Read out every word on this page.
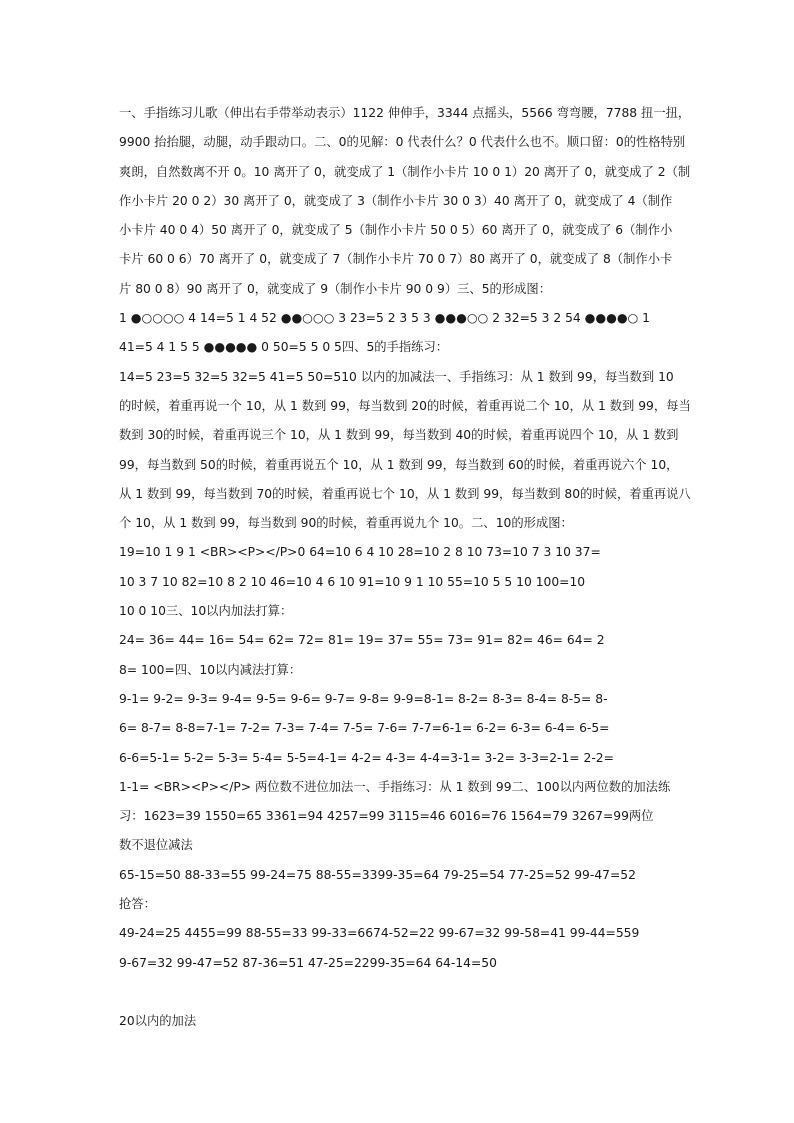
一、手指练习儿歌（伸出右手带举动表示）1122 伸伸手，3344 点摇头，5566 弯弯腰，7788 扭一扭，
9900 抬抬腿，动腿，动手跟动口。二、0的见解：0 代表什么？0 代表什么也不。顺口留：0的性格特别
爽朗，自然数离不开 0。10 离开了 0，就变成了 1（制作小卡片 10 0 1）20 离开了 0，就变成了 2（制
作小卡片 20 0 2）30 离开了 0，就变成了 3（制作小卡片 30 0 3）40 离开了 0，就变成了 4（制作
小卡片 40 0 4）50 离开了 0，就变成了 5（制作小卡片 50 0 5）60 离开了 0，就变成了 6（制作小
卡片 60 0 6）70 离开了 0，就变成了 7（制作小卡片 70 0 7）80 离开了 0，就变成了 8（制作小卡
片 80 0 8）90 离开了 0，就变成了 9（制作小卡片 90 0 9）三、5的形成图：
1 ●○○○○ 4 14=5 1 4 52 ●●○○○ 3 23=5 2 3 5 3 ●●●○○ 2 32=5 3 2 54 ●●●●○ 1
41=5 4 1 5 5 ●●●●● 0 50=5 5 0 5四、5的手指练习：
14=5 23=5 32=5 32=5 41=5 50=510 以内的加减法一、手指练习：从 1 数到 99，每当数到 10
的时候，着重再说一个 10，从 1 数到 99，每当数到 20的时候，着重再说二个 10，从 1 数到 99，每当
数到 30的时候，着重再说三个 10，从 1 数到 99，每当数到 40的时候，着重再说四个 10，从 1 数到
99，每当数到 50的时候，着重再说五个 10，从 1 数到 99，每当数到 60的时候，着重再说六个 10，
从 1 数到 99，每当数到 70的时候，着重再说七个 10，从 1 数到 99，每当数到 80的时候，着重再说八
个 10，从 1 数到 99，每当数到 90的时候，着重再说九个 10。二、10的形成图：
19=10 1 9 1 <BR><P></P>0 64=10 6 4 10 28=10 2 8 10 73=10 7 3 10 37=
10 3 7 10 82=10 8 2 10 46=10 4 6 10 91=10 9 1 10 55=10 5 5 10 100=10
10 0 10三、10以内加法打算：
24= 36= 44= 16= 54= 62= 72= 81= 19= 37= 55= 73= 91= 82= 46= 64= 2
8= 100=四、10以内减法打算：
9-1= 9-2= 9-3= 9-4= 9-5= 9-6= 9-7= 9-8= 9-9=8-1= 8-2= 8-3= 8-4= 8-5= 8-
6= 8-7= 8-8=7-1= 7-2= 7-3= 7-4= 7-5= 7-6= 7-7=6-1= 6-2= 6-3= 6-4= 6-5=
6-6=5-1= 5-2= 5-3= 5-4= 5-5=4-1= 4-2= 4-3= 4-4=3-1= 3-2= 3-3=2-1= 2-2=
1-1= <BR><P></P> 两位数不进位加法一、手指练习：从 1 数到 99二、100以内两位数的加法练
习：1623=39 1550=65 3361=94 4257=99 3115=46 6016=76 1564=79 3267=99两位
数不退位减法
65-15=50 88-33=55 99-24=75 88-55=3399-35=64 79-25=54 77-25=52 99-47=52
抢答：
49-24=25 4455=99 88-55=33 99-33=6674-52=22 99-67=32 99-58=41 99-44=559
9-67=32 99-47=52 87-36=51 47-25=2299-35=64 64-14=50
20以内的加法
